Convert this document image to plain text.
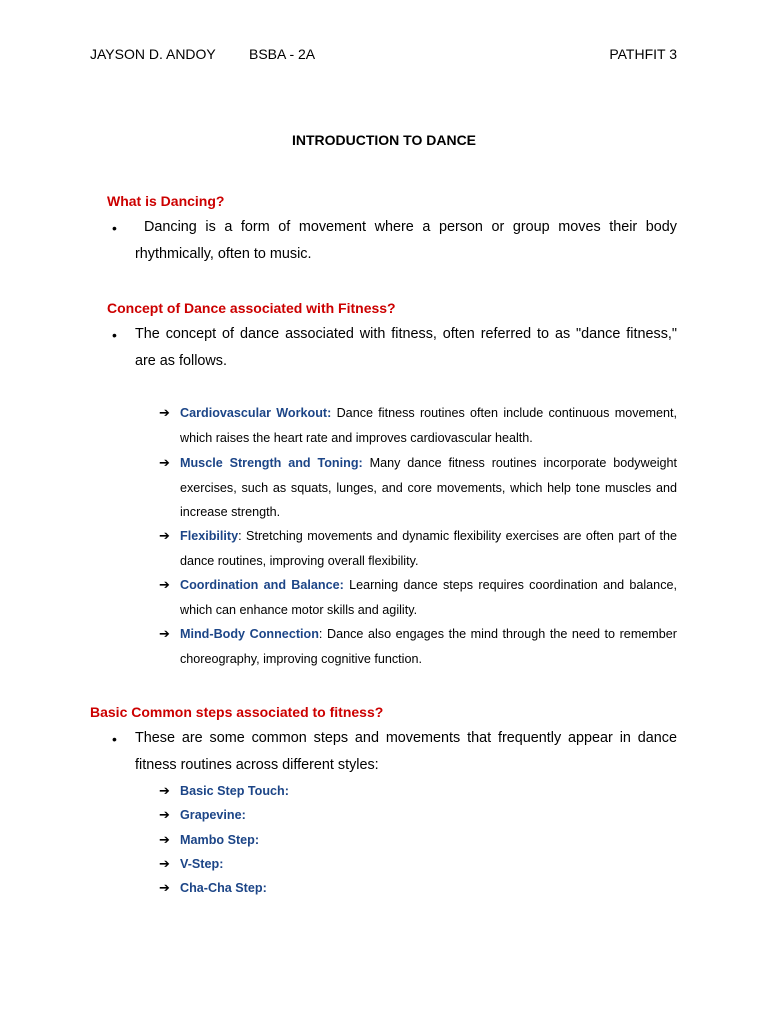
JAYSON D. ANDOY BSBA - 2A	PATHFIT 3
INTRODUCTION TO DANCE
What is Dancing?
•	Dancing is a form of movement where a person or group moves their body rhythmically, often to music.
Concept of Dance associated with Fitness?
• The concept of dance associated with fitness, often referred to as "dance fitness," are as follows.
➔ Cardiovascular Workout: Dance fitness routines often include continuous movement, which raises the heart rate and improves cardiovascular health.
➔ Muscle Strength and Toning: Many dance fitness routines incorporate bodyweight exercises, such as squats, lunges, and core movements, which help tone muscles and increase strength.
➔ Flexibility: Stretching movements and dynamic flexibility exercises are often part of the dance routines, improving overall flexibility.
➔ Coordination and Balance: Learning dance steps requires coordination and balance, which can enhance motor skills and agility.
➔ Mind-Body Connection: Dance also engages the mind through the need to remember choreography, improving cognitive function.
Basic Common steps associated to fitness?
• These are some common steps and movements that frequently appear in dance fitness routines across different styles:
➔ Basic Step Touch:
➔ Grapevine:
➔ Mambo Step:
➔ V-Step:
➔ Cha-Cha Step:
